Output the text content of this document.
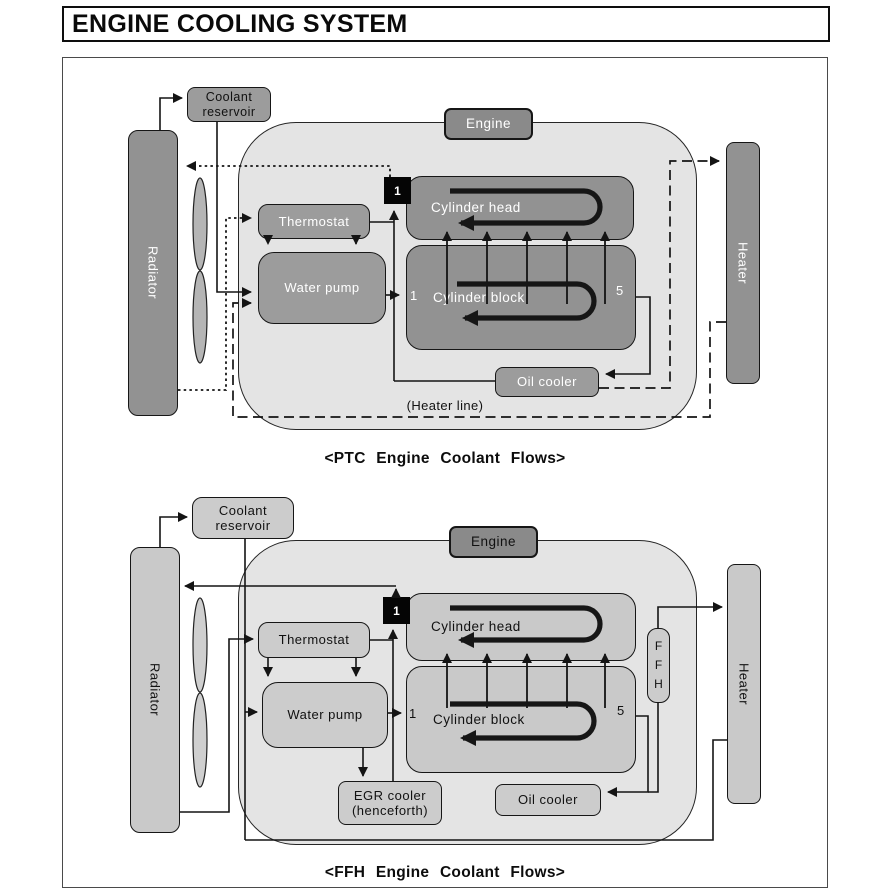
ENGINE COOLING SYSTEM
Engine
Coolant
reservoir
Radiator	Heater
Thermostat
Water pump
Cylinder head
Cylinder block
1	5
1
Oil cooler
(Heater line)
<PTC Engine Coolant Flows>
Engine
Coolant
reservoir
Radiator	Heater
Thermostat
Water pump
Cylinder head
Cylinder block
1	5
1
Oil cooler
EGR cooler
(henceforth)
F
F
H
<FFH Engine Coolant Flows>
